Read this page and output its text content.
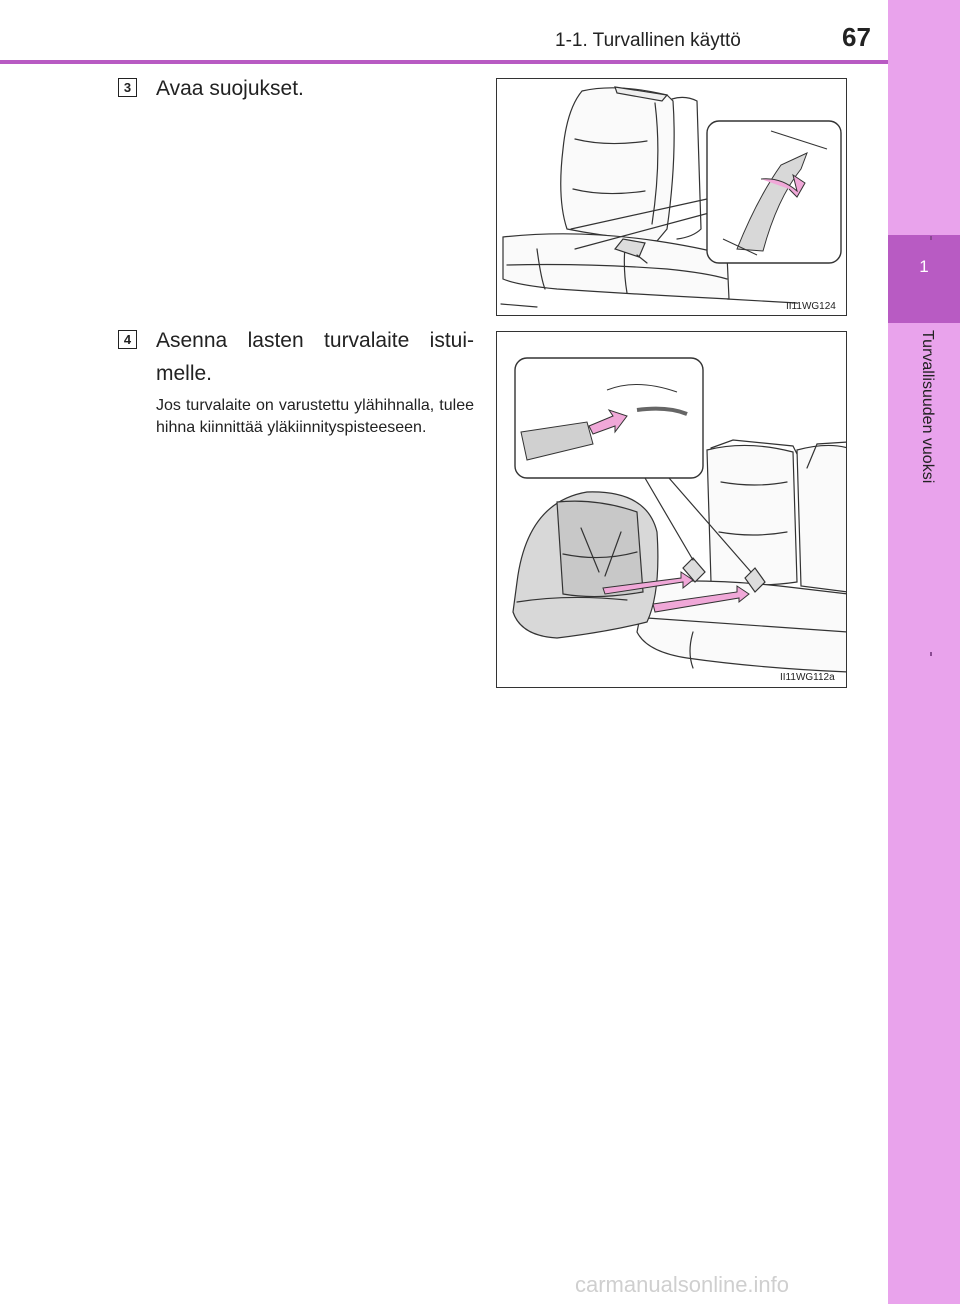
1
Turvallisuuden vuoksi
1-1. Turvallinen käyttö	67
3 Avaa suojukset.
II11WG124
4 Asenna lasten turvalaite istui-
melle.
Jos turvalaite on varustettu ylähihnalla, tulee hihna kiinnittää yläkiinnityspisteeseen.
II11WG112a
carmanualsonline.info
